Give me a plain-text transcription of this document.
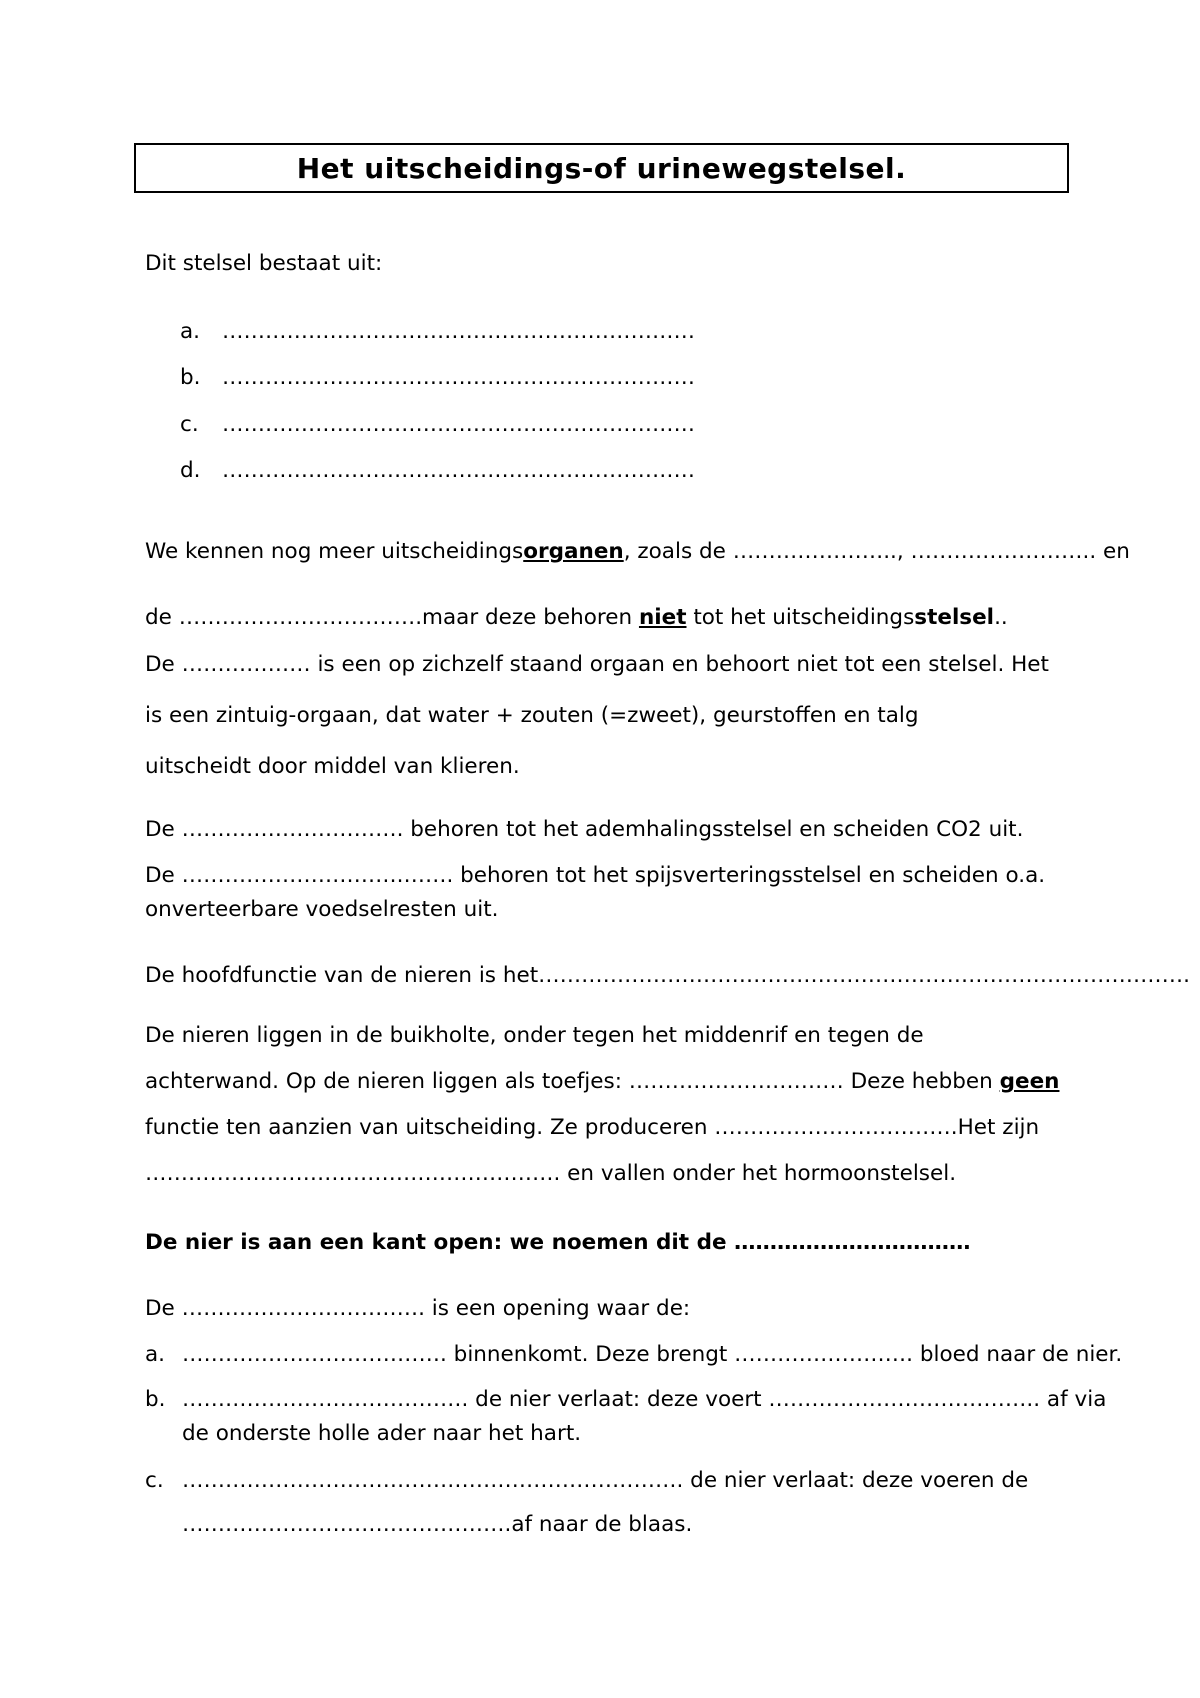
Het uitscheidings-of urinewegstelsel.
Dit stelsel bestaat uit:
a. …………………………………………………………
b. …………………………………………………………
c. …………………………………………………………
d. …………………………………………………………
We kennen nog meer uitscheidingsorganen, zoals de ………………….., …………………….. en
de …………………………….maar deze behoren niet tot het uitscheidingsstelsel..
De ……………… is een op zichzelf staand orgaan en behoort niet tot een stelsel. Het
is een zintuig-orgaan, dat water + zouten (=zweet), geurstoffen en talg
uitscheidt door middel van klieren.
De …………………………. behoren tot het ademhalingsstelsel en scheiden CO2 uit.
De ………………………….……. behoren tot het spijsverteringsstelsel en scheiden o.a.
onverteerbare voedselresten uit.
De hoofdfunctie van de nieren is het……………………………………………………………………………….
De nieren liggen in de buikholte, onder tegen het middenrif en tegen de
achterwand. Op de nieren liggen als toefjes: ………………………… Deze hebben geen
functie ten aanzien van uitscheiding. Ze produceren …………………………….Het zijn
…………………………………………………. en vallen onder het hormoonstelsel.
De nier is aan een kant open: we noemen dit de ……………………………
De ……………………………. is een opening waar de:
a. ………………………………. binnenkomt. Deze brengt ……………………. bloed naar de nier.
b. …………………………………. de nier verlaat: deze voert ……………………………….. af via
de onderste holle ader naar het hart.
c. ……………………………………………………………. de nier verlaat: deze voeren de
……………………………………….af naar de blaas.
